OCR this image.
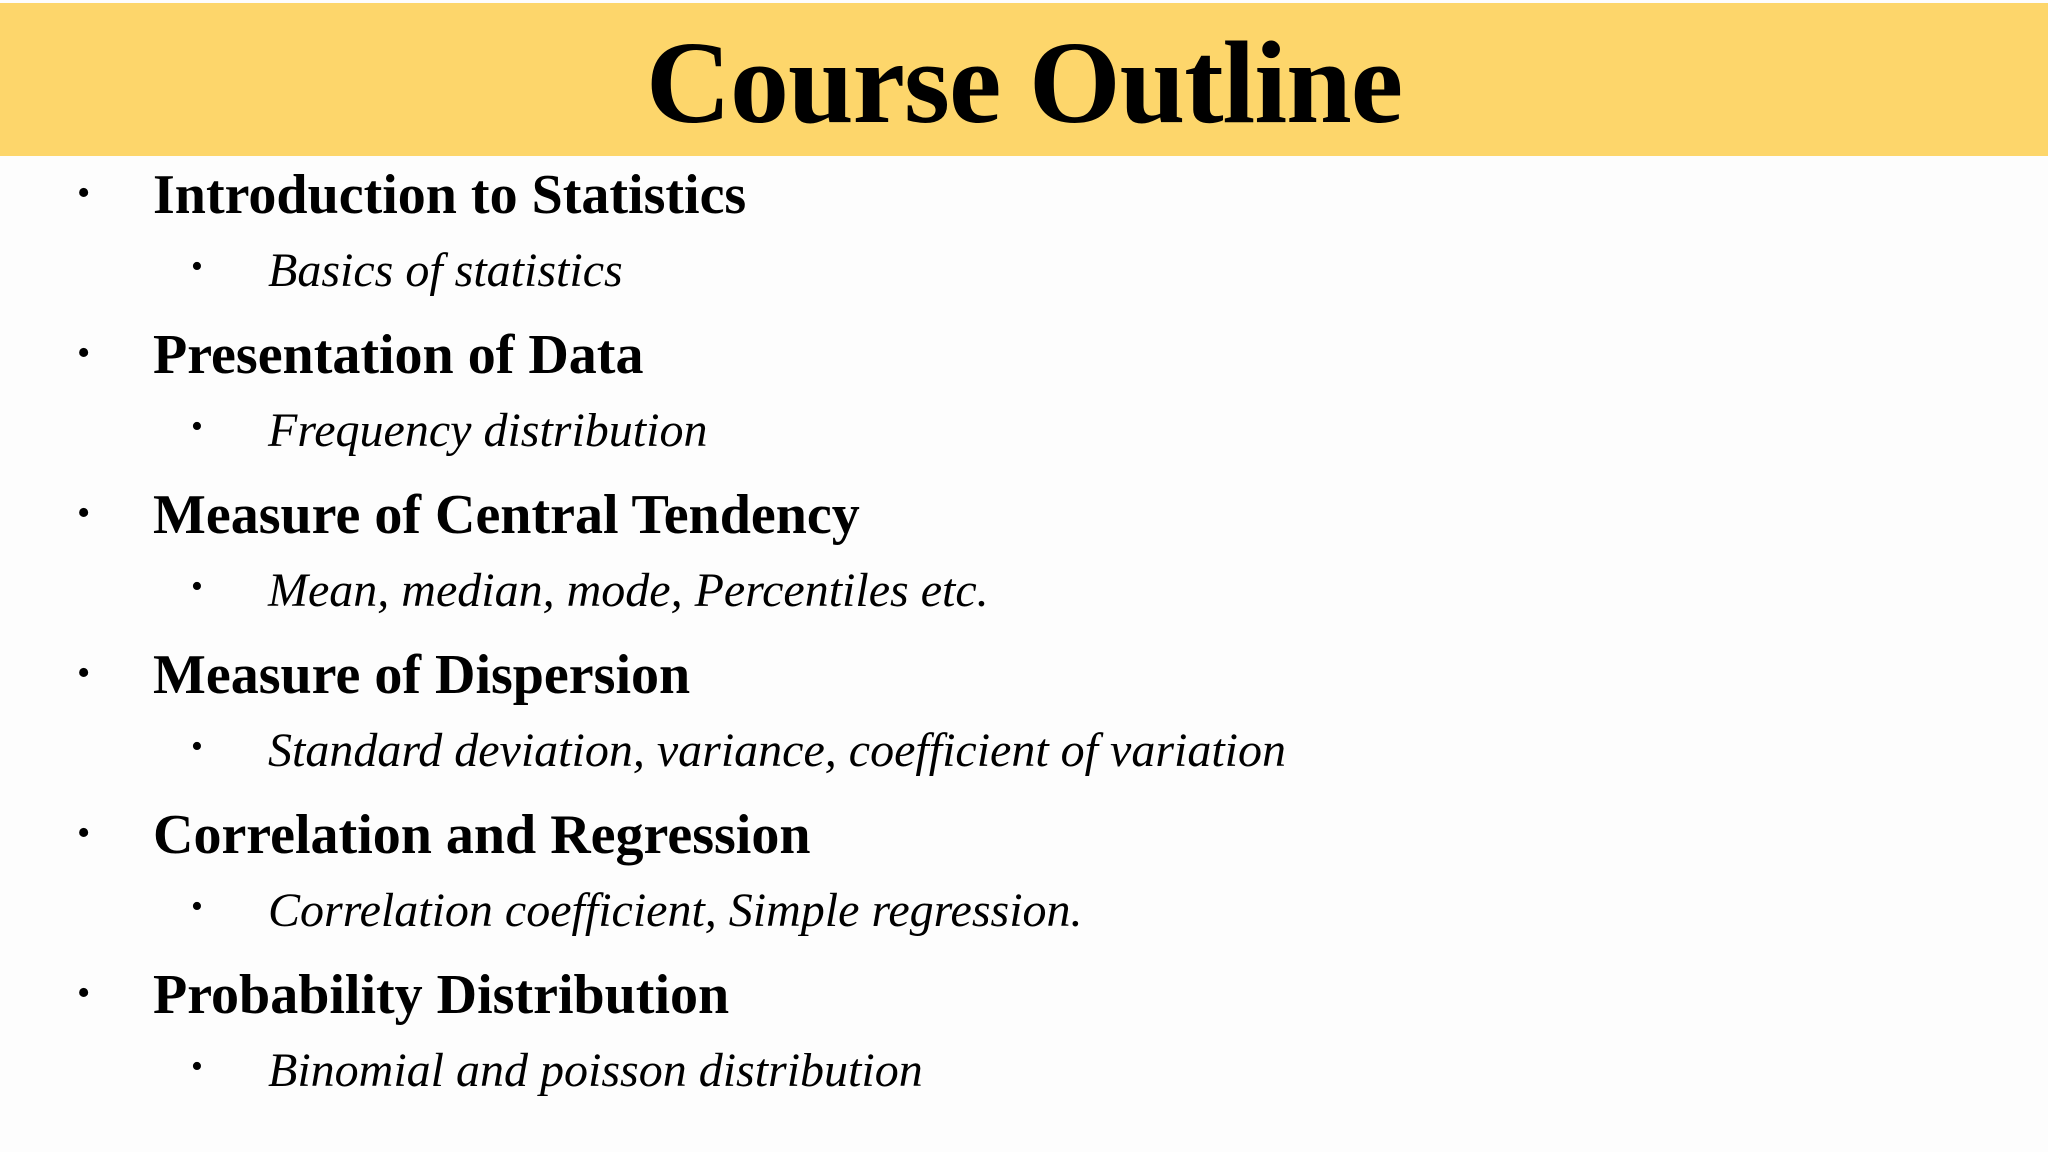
Course Outline
• Introduction to Statistics
• Basics of statistics
• Presentation of Data
• Frequency distribution
• Measure of Central Tendency
• Mean, median, mode, Percentiles etc.
• Measure of Dispersion
• Standard deviation, variance, coefficient of variation
• Correlation and Regression
• Correlation coefficient, Simple regression.
• Probability Distribution
• Binomial and poisson distribution
